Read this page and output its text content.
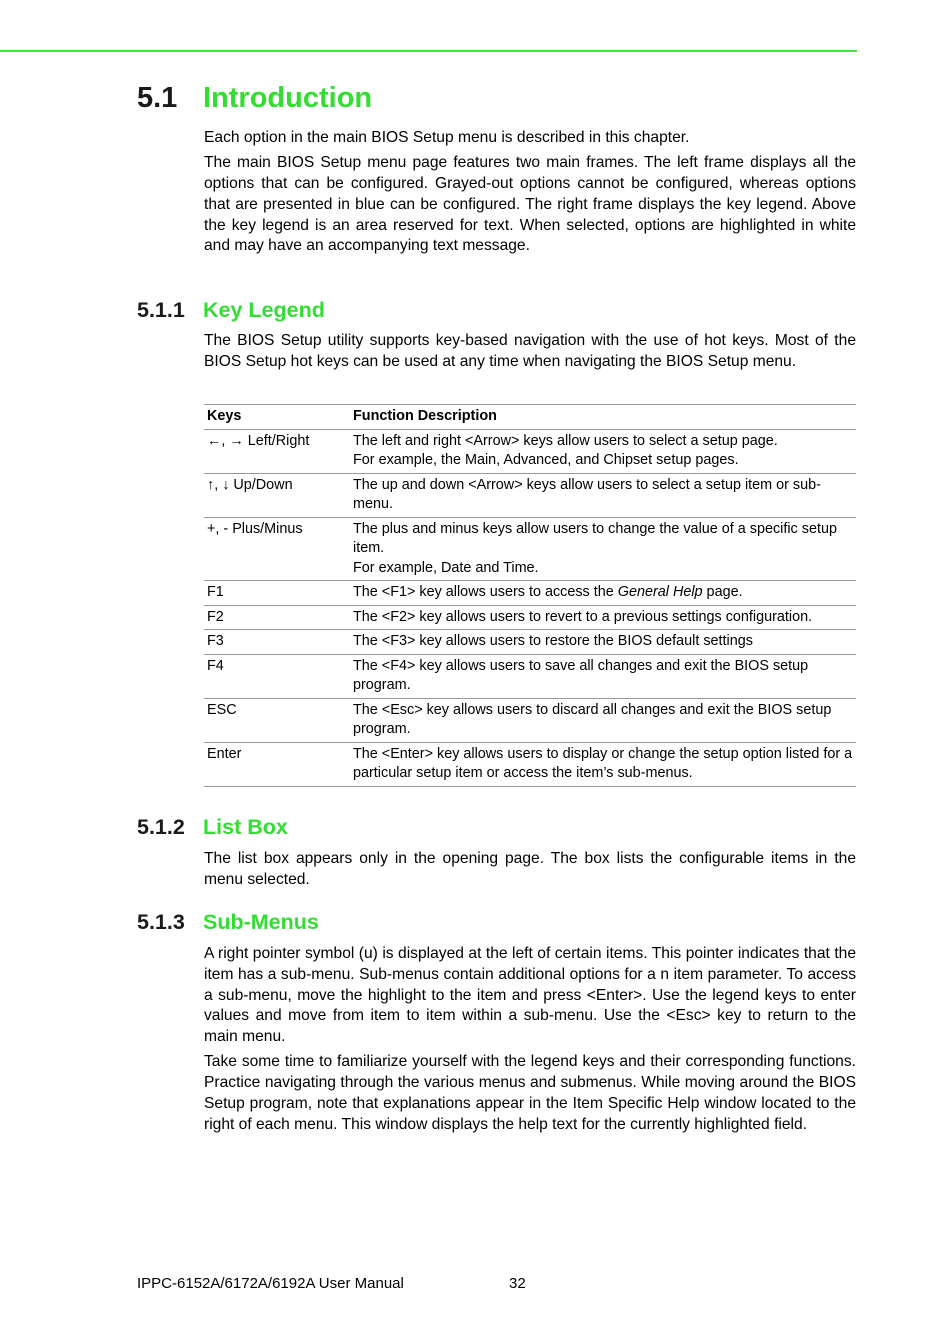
5.1 Introduction

Each option in the main BIOS Setup menu is described in this chapter.

The main BIOS Setup menu page features two main frames. The left frame displays all the options that can be configured. Grayed-out options cannot be configured, whereas options that are presented in blue can be configured. The right frame displays the key legend. Above the key legend is an area reserved for text. When selected, options are highlighted in white and may have an accompanying text message.

5.1.1 Key Legend

The BIOS Setup utility supports key-based navigation with the use of hot keys. Most of the BIOS Setup hot keys can be used at any time when navigating the BIOS Setup menu.

Keys	Function Description
←, → Left/Right	The left and right <Arrow> keys allow users to select a setup page.
For example, the Main, Advanced, and Chipset setup pages.

↑, ↓ Up/Down	The up and down <Arrow> keys allow users to select a setup item or sub-menu.

+, - Plus/Minus	The plus and minus keys allow users to change the value of a specific setup item.
For example, Date and Time.

F1	The <F1> key allows users to access the General Help page.
F2	The <F2> key allows users to revert to a previous settings configuration.

F3	The <F3> key allows users to restore the BIOS default settings

F4	The <F4> key allows users to save all changes and exit the BIOS setup program.

ESC	The <Esc> key allows users to discard all changes and exit the BIOS setup program.

Enter	The <Enter> key allows users to display or change the setup option listed for a particular setup item or access the item’s sub-menus.
5.1.2 List Box

The list box appears only in the opening page. The box lists the configurable items in the menu selected.

5.1.3 Sub-Menus

A right pointer symbol (u) is displayed at the left of certain items. This pointer indicates that the item has a sub-menu. Sub-menus contain additional options for a n item parameter. To access a sub-menu, move the highlight to the item and press <Enter>. Use the legend keys to enter values and move from item to item within a sub-menu. Use the <Esc> key to return to the main menu.

Take some time to familiarize yourself with the legend keys and their corresponding functions. Practice navigating through the various menus and submenus. While moving around the BIOS Setup program, note that explanations appear in the Item Specific Help window located to the right of each menu. This window displays the help text for the currently highlighted field.

IPPC-6152A/6172A/6192A User Manual	32
